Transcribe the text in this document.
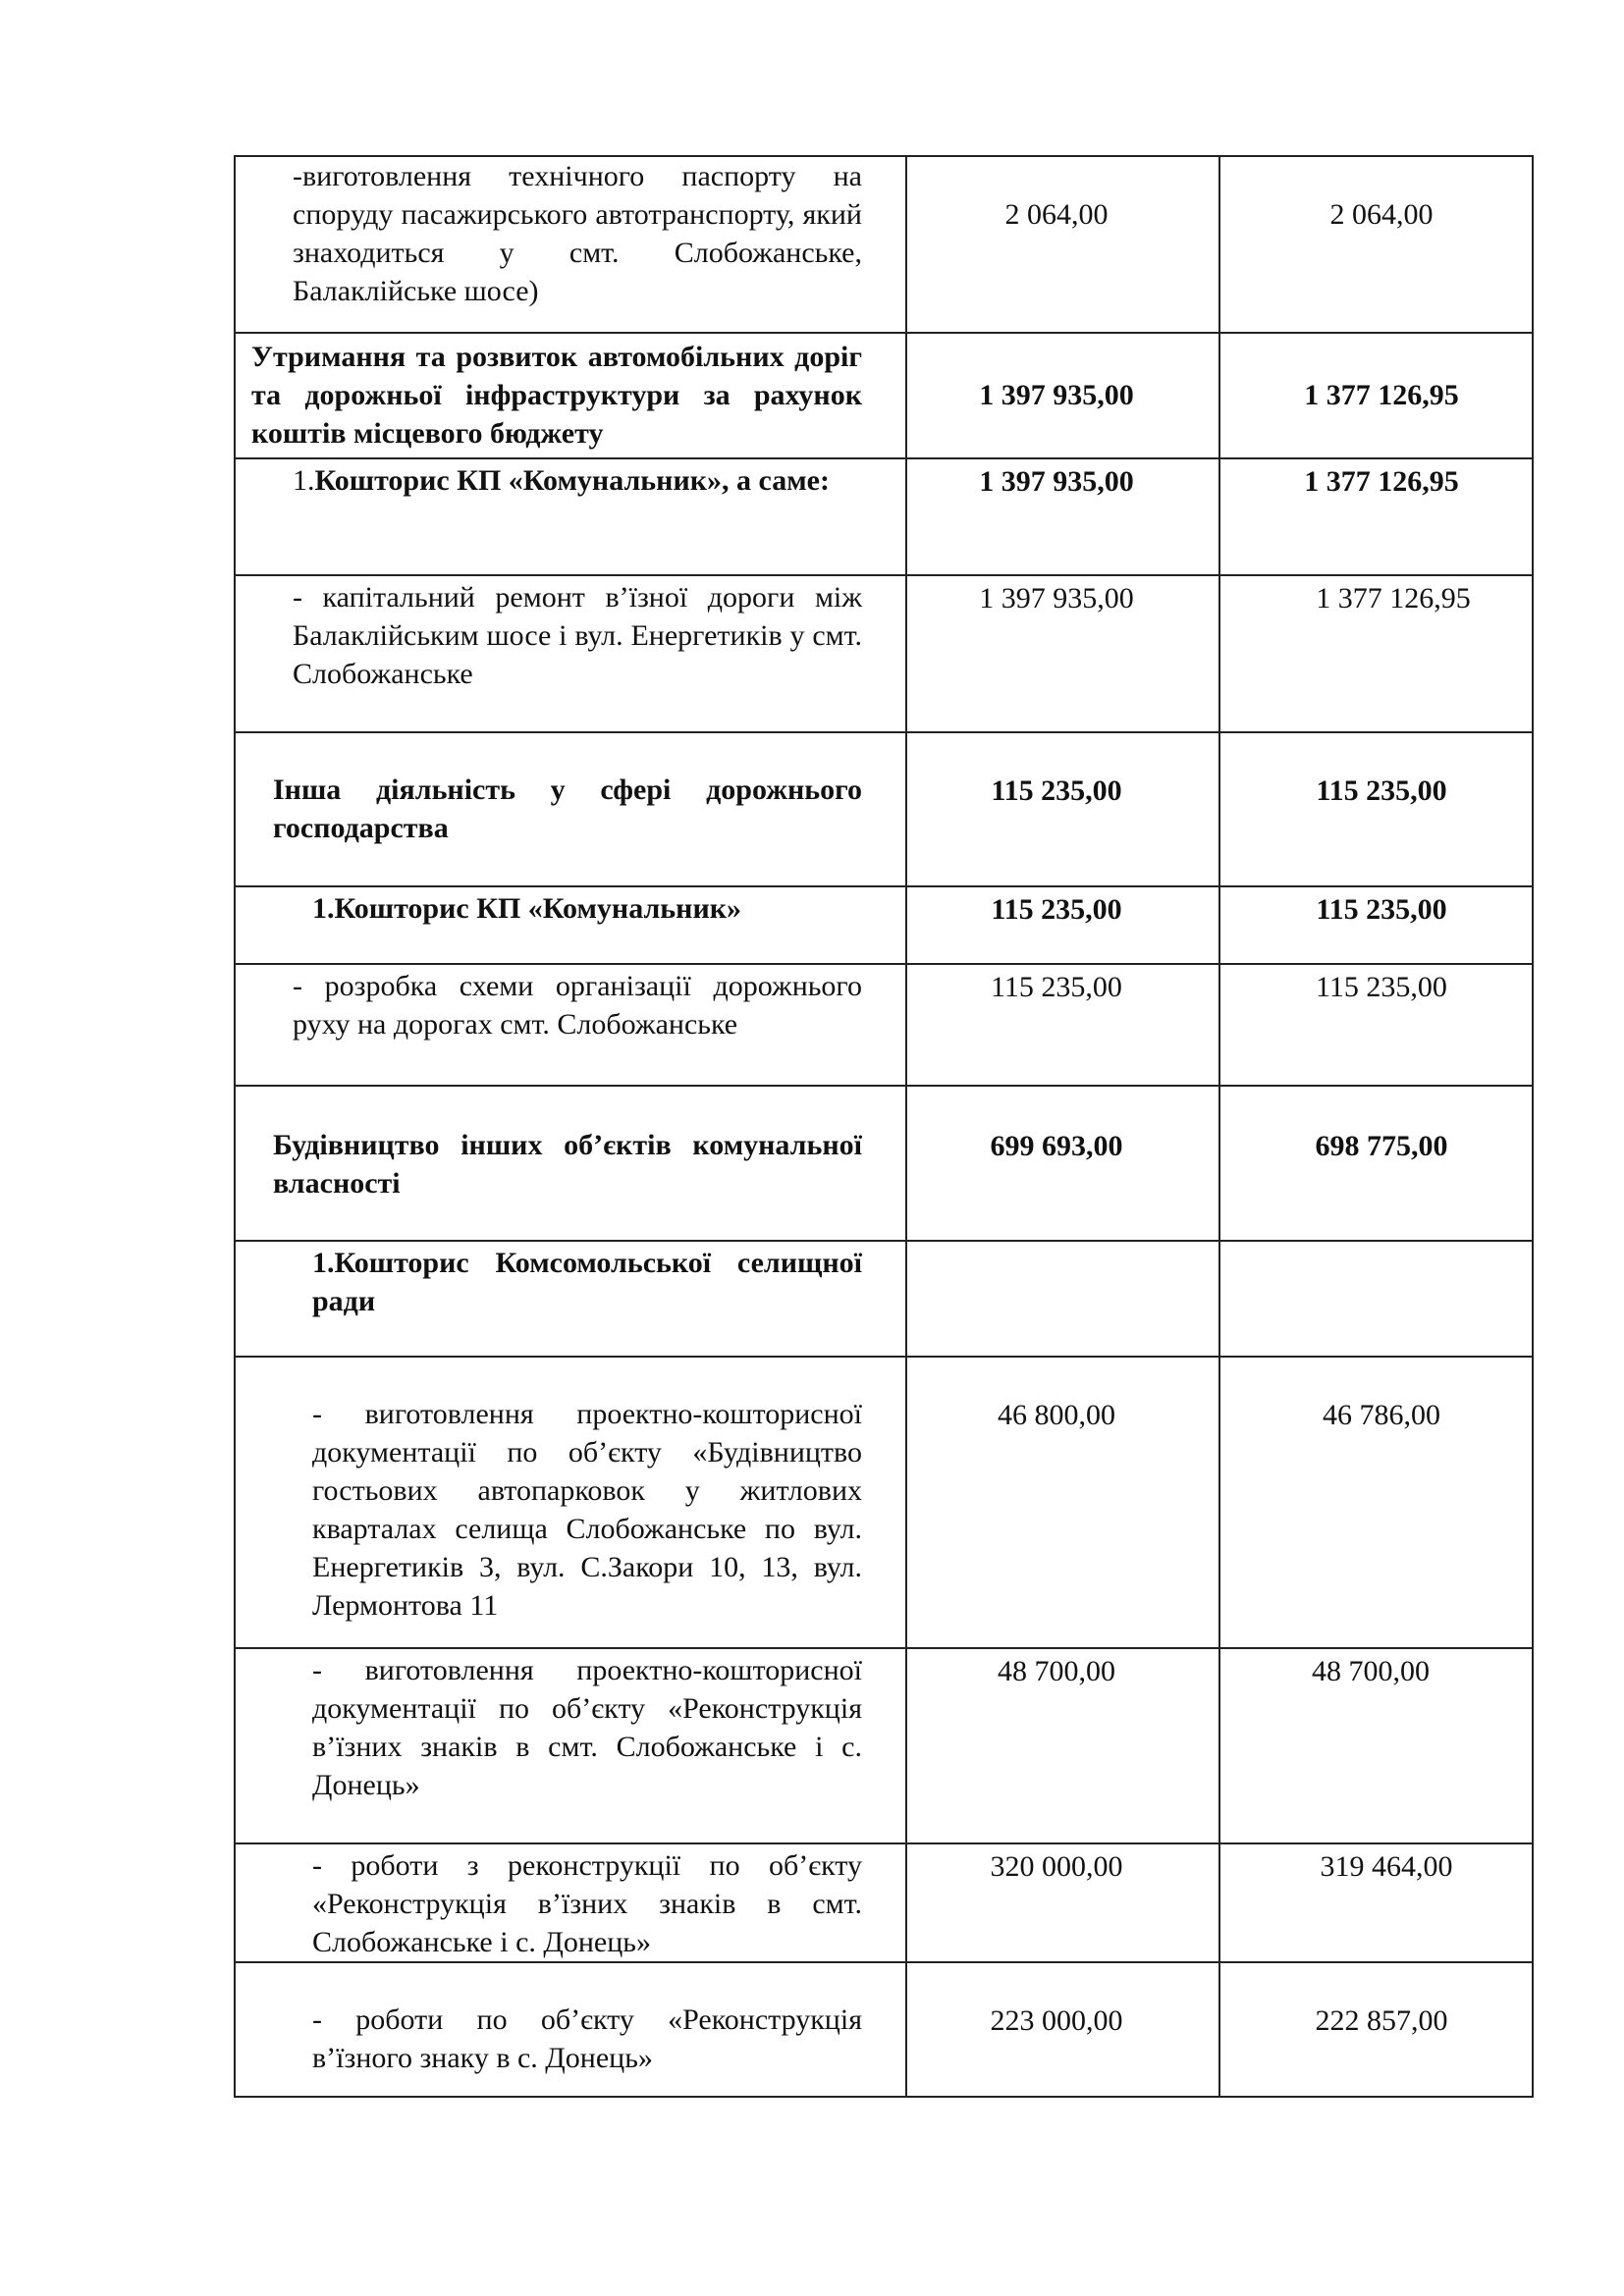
-виготовлення технічного паспорту на споруду пасажирського автотранспорту, який знаходиться у смт. Слобожанське, Балаклійське шосе)	2 064,00	2 064,00

Утримання та розвиток автомобільних доріг та дорожньої інфраструктури за рахунок коштів місцевого бюджету	1 397 935,00	1 377 126,95

1.Кошторис КП «Комунальник», а саме:	1 397 935,00	1 377 126,95

- капітальний ремонт в’їзної дороги між Балаклійським шосе і вул. Енергетиків у смт. Слобожанське	1 397 935,00	1 377 126,95

Інша діяльність у сфері дорожнього господарства	115 235,00	115 235,00

1.Кошторис КП «Комунальник»	115 235,00	115 235,00

- розробка схеми організації дорожнього руху на дорогах смт. Слобожанське	115 235,00	115 235,00

Будівництво інших об’єктів комунальної власності	699 693,00	698 775,00

1.Кошторис Комсомольської селищної ради		

- виготовлення проектно-кошторисної документації по об’єкту «Будівництво гостьових автопарковок у житлових кварталах селища Слобожанське по вул. Енергетиків 3, вул. С.Закори 10, 13, вул. Лермонтова 11	46 800,00	46 786,00

- виготовлення проектно-кошторисної документації по об’єкту «Реконструкція в’їзних знаків в смт. Слобожанське і с. Донець»	48 700,00	48 700,00

- роботи з реконструкції по об’єкту «Реконструкція в’їзних знаків в смт. Слобожанське і с. Донець»	320 000,00	319 464,00

- роботи по об’єкту «Реконструкція в’їзного знаку в с. Донець»	223 000,00	222 857,00
